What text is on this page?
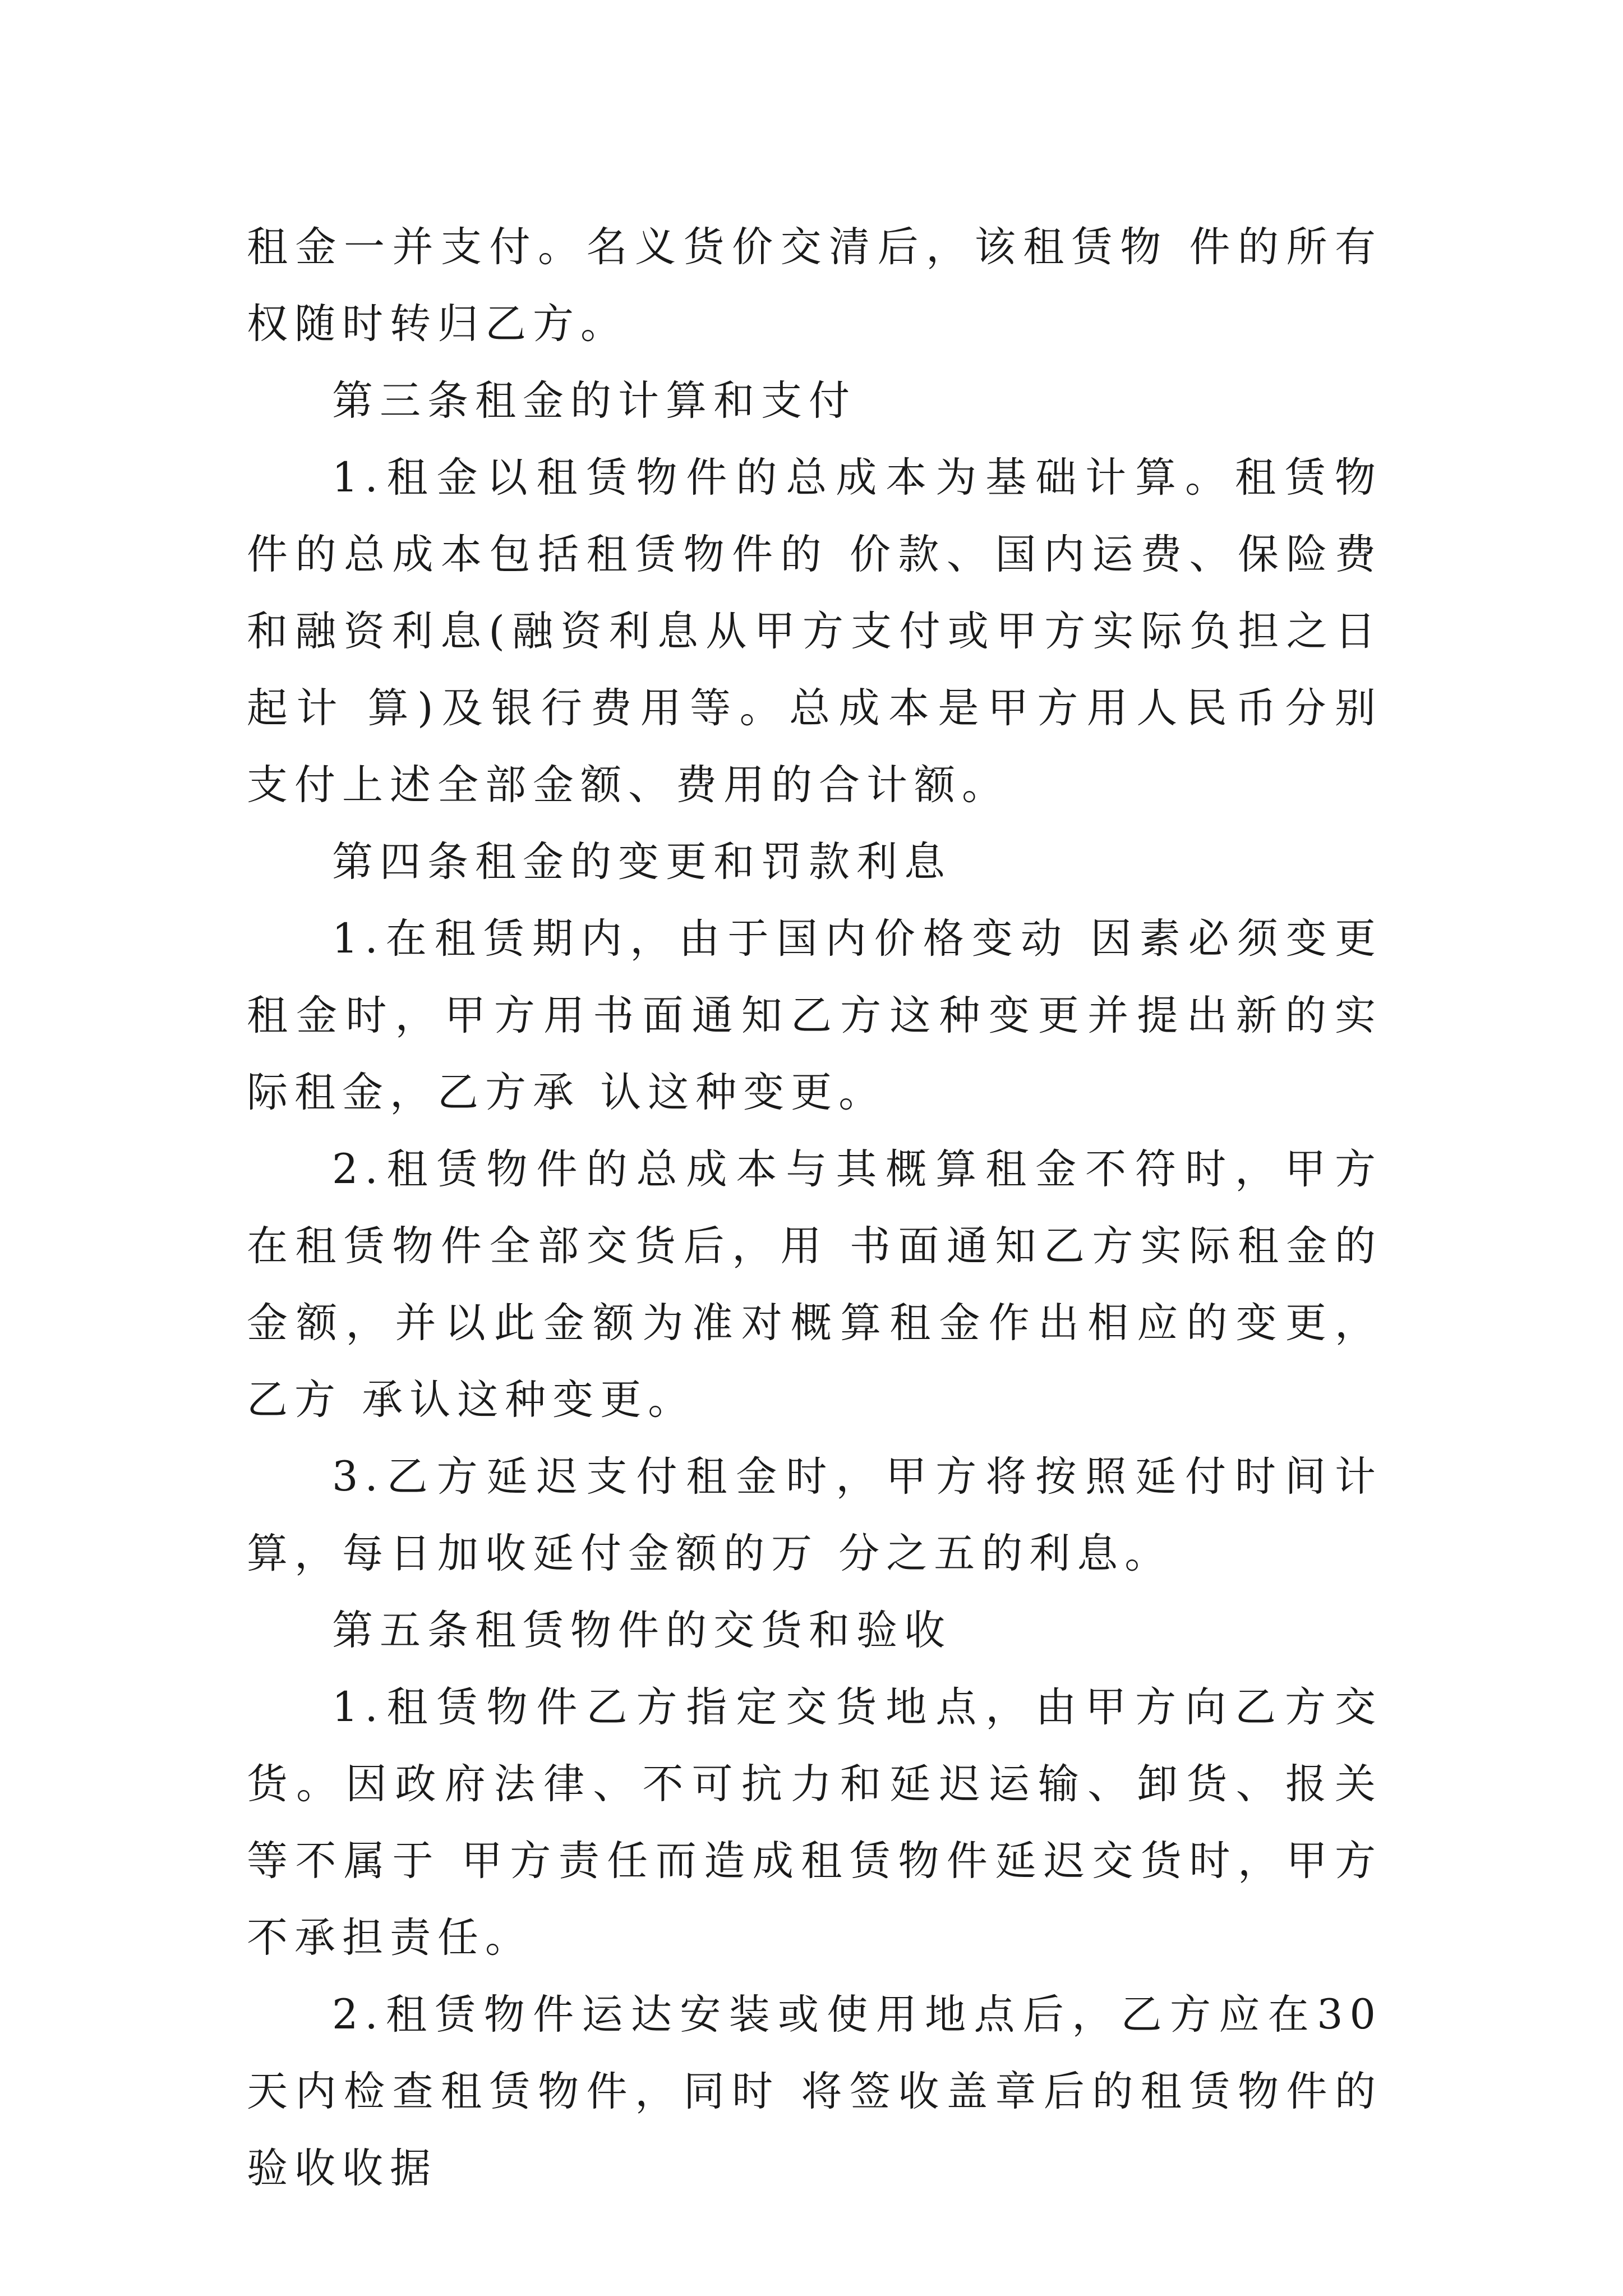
租金一并支付。名义货价交清后，该租赁物 件的所有权随时转归乙方。

第三条租金的计算和支付

1.租金以租赁物件的总成本为基础计算。租赁物件的总成本包括租赁物件的 价款、国内运费、保险费和融资利息(融资利息从甲方支付或甲方实际负担之日起计 算)及银行费用等。总成本是甲方用人民币分别支付上述全部金额、费用的合计额。

第四条租金的变更和罚款利息

1.在租赁期内，由于国内价格变动 因素必须变更租金时，甲方用书面通知乙方这种变更并提出新的实际租金，乙方承 认这种变更。

2.租赁物件的总成本与其概算租金不符时，甲方在租赁物件全部交货后，用 书面通知乙方实际租金的金额，并以此金额为准对概算租金作出相应的变更，乙方 承认这种变更。

3.乙方延迟支付租金时，甲方将按照延付时间计算，每日加收延付金额的万 分之五的利息。

第五条租赁物件的交货和验收

1.租赁物件乙方指定交货地点，由甲方向乙方交货。因政府法律、不可抗力和延迟运输、卸货、报关等不属于 甲方责任而造成租赁物件延迟交货时，甲方不承担责任。

2.租赁物件运达安装或使用地点后，乙方应在30天内检查租赁物件，同时 将签收盖章后的租赁物件的验收收据
